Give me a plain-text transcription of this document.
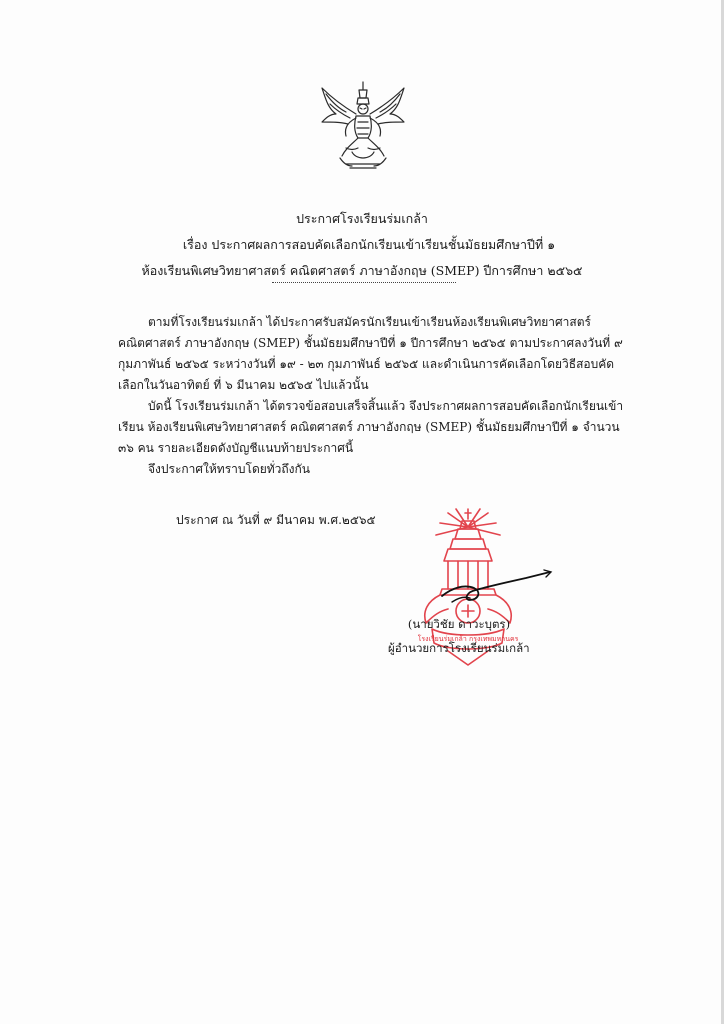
ประกาศโรงเรียนร่มเกล้า
เรื่อง ประกาศผลการสอบคัดเลือกนักเรียนเข้าเรียนชั้นมัธยมศึกษาปีที่ ๑
ห้องเรียนพิเศษวิทยาศาสตร์ คณิตศาสตร์ ภาษาอังกฤษ (SMEP) ปีการศึกษา ๒๕๖๕

ตามที่โรงเรียนร่มเกล้า ได้ประกาศรับสมัครนักเรียนเข้าเรียนห้องเรียนพิเศษวิทยาศาสตร์ คณิตศาสตร์ ภาษาอังกฤษ (SMEP) ชั้นมัธยมศึกษาปีที่ ๑ ปีการศึกษา ๒๕๖๕ ตามประกาศลงวันที่ ๙ กุมภาพันธ์ ๒๕๖๕ ระหว่างวันที่ ๑๙ - ๒๓ กุมภาพันธ์ ๒๕๖๕ และดำเนินการคัดเลือกโดยวิธีสอบคัดเลือกในวันอาทิตย์ ที่ ๖ มีนาคม ๒๕๖๕ ไปแล้วนั้น

บัดนี้ โรงเรียนร่มเกล้า ได้ตรวจข้อสอบเสร็จสิ้นแล้ว จึงประกาศผลการสอบคัดเลือกนักเรียนเข้าเรียน ห้องเรียนพิเศษวิทยาศาสตร์ คณิตศาสตร์ ภาษาอังกฤษ (SMEP) ชั้นมัธยมศึกษาปีที่ ๑ จำนวน ๓๖ คน รายละเอียดดังบัญชีแนบท้ายประกาศนี้

จึงประกาศให้ทราบโดยทั่วถึงกัน

ประกาศ ณ วันที่ ๙ มีนาคม พ.ศ.๒๕๖๕
โรงเรียนร่มเกล้า กรุงเทพมหานคร
(นายวิชัย ดาวะบุตร)
ผู้อำนวยการโรงเรียนร่มเกล้า
